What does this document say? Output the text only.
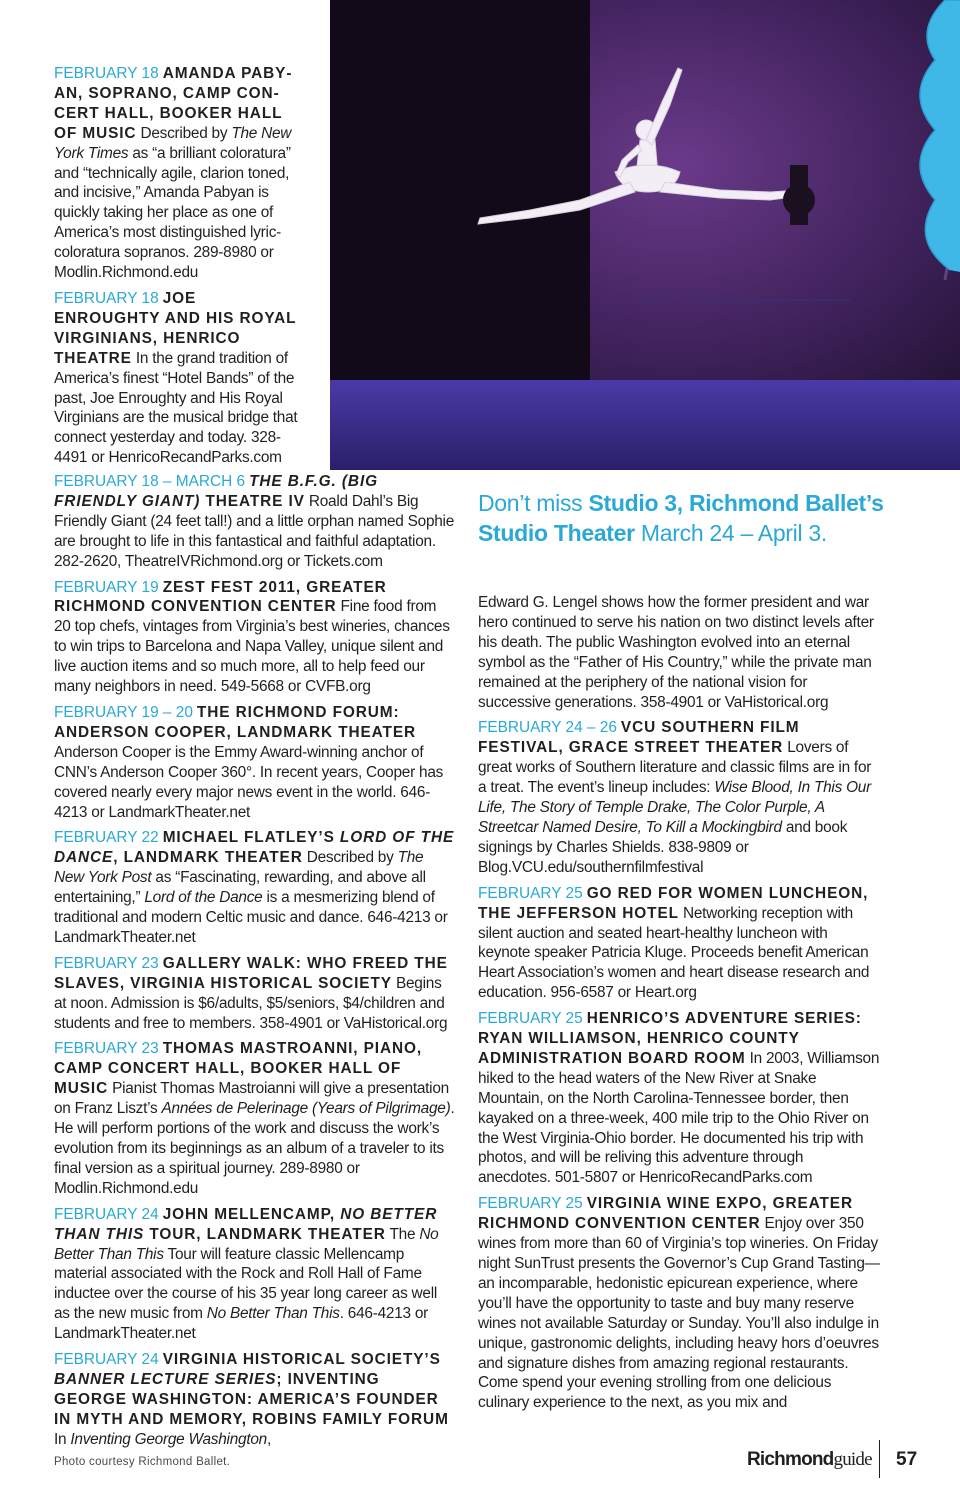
FEBRUARY 18 AMANDA PABYAN, SOPRANO, CAMP CONCERT HALL, BOOKER HALL OF MUSIC Described by The New York Times as “a brilliant coloratura” and “technically agile, clarion toned, and incisive,” Amanda Pabyan is quickly taking her place as one of America’s most distinguished lyric-coloratura sopranos. 289-8980 or Modlin.Richmond.edu

FEBRUARY 18 JOE ENROUGHTY AND HIS ROYAL VIRGINIANS, HENRICO THEATRE In the grand tradition of America’s finest “Hotel Bands” of the past, Joe Enroughty and His Royal Virginians are the musical bridge that connect yesterday and today. 328-4491 or HenricoRecandParks.com

FEBRUARY 18 – MARCH 6 THE B.F.G. (BIG FRIENDLY GIANT) THEATRE IV Roald Dahl’s Big Friendly Giant (24 feet tall!) and a little orphan named Sophie are brought to life in this fantastical and faithful adaptation. 282-2620, TheatreIVRichmond.org or Tickets.com

FEBRUARY 19 ZEST FEST 2011, GREATER RICHMOND CONVENTION CENTER Fine food from 20 top chefs, vintages from Virginia’s best wineries, chances to win trips to Barcelona and Napa Valley, unique silent and live auction items and so much more, all to help feed our many neighbors in need. 549-5668 or CVFB.org

FEBRUARY 19 – 20 THE RICHMOND FORUM: ANDERSON COOPER, LANDMARK THEATER Anderson Cooper is the Emmy Award-winning anchor of CNN’s Anderson Cooper 360°. In recent years, Cooper has covered nearly every major news event in the world. 646-4213 or LandmarkTheater.net

FEBRUARY 22 MICHAEL FLATLEY’S LORD OF THE DANCE, LANDMARK THEATER Described by The New York Post as “Fascinating, rewarding, and above all entertaining,” Lord of the Dance is a mesmerizing blend of traditional and modern Celtic music and dance. 646-4213 or LandmarkTheater.net

FEBRUARY 23 GALLERY WALK: WHO FREED THE SLAVES, VIRGINIA HISTORICAL SOCIETY Begins at noon. Admission is $6/adults, $5/seniors, $4/children and students and free to members. 358-4901 or VaHistorical.org

FEBRUARY 23 THOMAS MASTROANNI, PIANO, CAMP CONCERT HALL, BOOKER HALL OF MUSIC Pianist Thomas Mastroianni will give a presentation on Franz Liszt’s Années de Pelerinage (Years of Pilgrimage). He will perform portions of the work and discuss the work’s evolution from its beginnings as an album of a traveler to its final version as a spiritual journey. 289-8980 or Modlin.Richmond.edu

FEBRUARY 24 JOHN MELLENCAMP, NO BETTER THAN THIS TOUR, LANDMARK THEATER The No Better Than This Tour will feature classic Mellencamp material associated with the Rock and Roll Hall of Fame inductee over the course of his 35 year long career as well as the new music from No Better Than This. 646-4213 or LandmarkTheater.net

FEBRUARY 24 VIRGINIA HISTORICAL SOCIETY’S BANNER LECTURE SERIES; INVENTING GEORGE WASHINGTON: AMERICA’S FOUNDER IN MYTH AND MEMORY, ROBINS FAMILY FORUM In Inventing George Washington,

Don’t miss Studio 3, Richmond Ballet’s Studio Theater March 24 – April 3.

Edward G. Lengel shows how the former president and war hero continued to serve his nation on two distinct levels after his death. The public Washington evolved into an eternal symbol as the “Father of His Country,” while the private man remained at the periphery of the national vision for successive generations. 358-4901 or VaHistorical.org

FEBRUARY 24 – 26 VCU SOUTHERN FILM FESTIVAL, GRACE STREET THEATER Lovers of great works of Southern literature and classic films are in for a treat. The event’s lineup includes: Wise Blood, In This Our Life, The Story of Temple Drake, The Color Purple, A Streetcar Named Desire, To Kill a Mockingbird and book signings by Charles Shields. 838-9809 or Blog.VCU.edu/southernfilmfestival

FEBRUARY 25 GO RED FOR WOMEN LUNCHEON, THE JEFFERSON HOTEL Networking reception with silent auction and seated heart-healthy luncheon with keynote speaker Patricia Kluge. Proceeds benefit American Heart Association’s women and heart disease research and education. 956-6587 or Heart.org

FEBRUARY 25 HENRICO’S ADVENTURE SERIES: RYAN WILLIAMSON, HENRICO COUNTY ADMINISTRATION BOARD ROOM In 2003, Williamson hiked to the head waters of the New River at Snake Mountain, on the North Carolina-Tennessee border, then kayaked on a three-week, 400 mile trip to the Ohio River on the West Virginia-Ohio border. He documented his trip with photos, and will be reliving this adventure through anecdotes. 501-5807 or HenricoRecandParks.com

FEBRUARY 25 VIRGINIA WINE EXPO, GREATER RICHMOND CONVENTION CENTER Enjoy over 350 wines from more than 60 of Virginia’s top wineries. On Friday night SunTrust presents the Governor’s Cup Grand Tasting—an incomparable, hedonistic epicurean experience, where you’ll have the opportunity to taste and buy many reserve wines not available Saturday or Sunday. You’ll also indulge in unique, gastronomic delights, including heavy hors d’oeuvres and signature dishes from amazing regional restaurants. Come spend your evening strolling from one delicious culinary experience to the next, as you mix and

Photo courtesy Richmond Ballet.	Richmondguide 57
